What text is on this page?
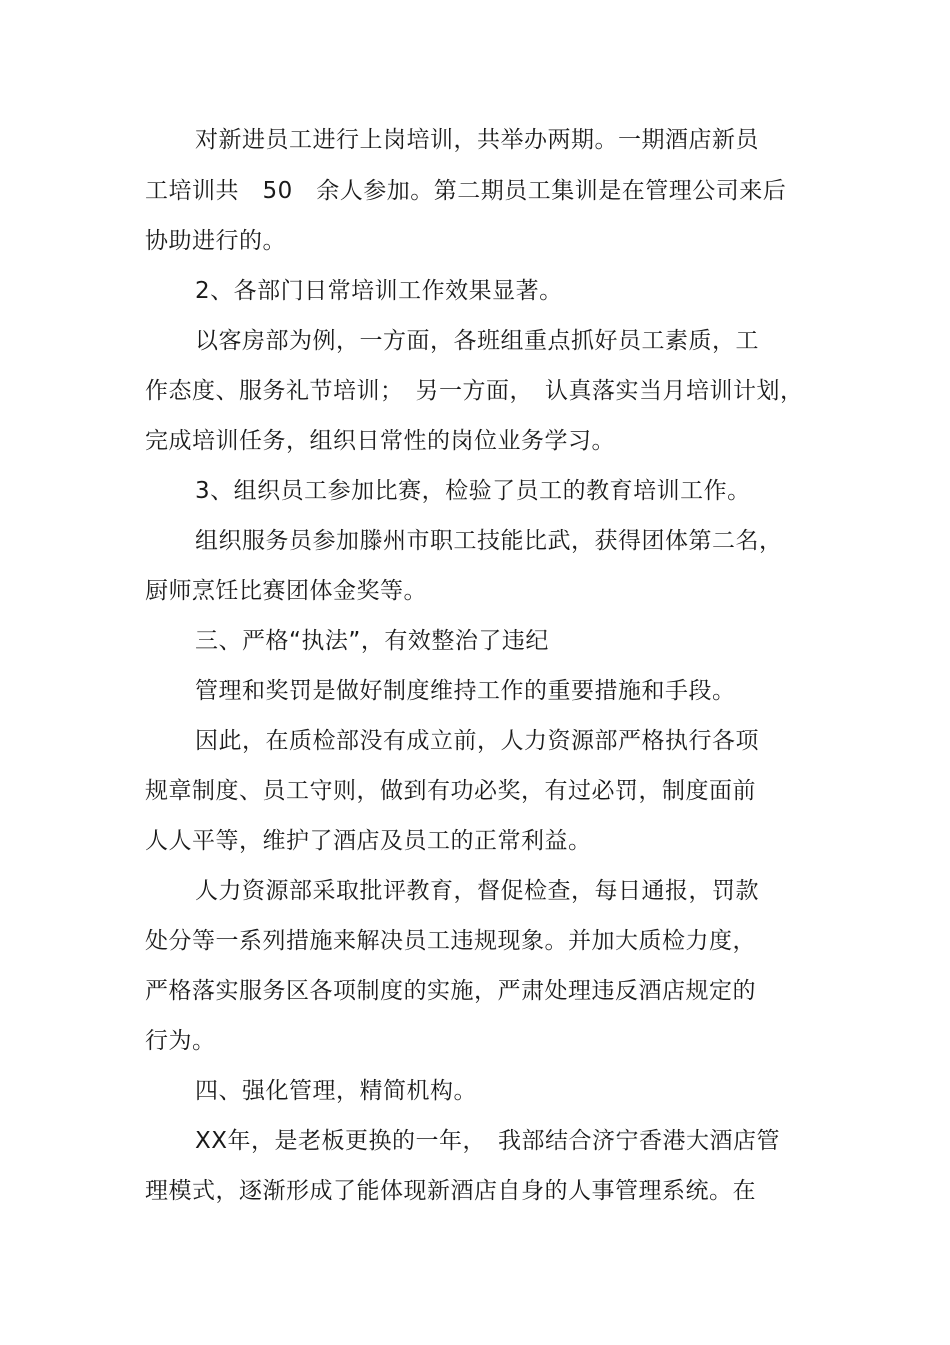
对新进员工进行上岗培训，共举办两期。一期酒店新员

工培训共　50　余人参加。第二期员工集训是在管理公司来后

协助进行的。

2、各部门日常培训工作效果显著。

以客房部为例，一方面，各班组重点抓好员工素质，工

作态度、服务礼节培训；　另一方面，　认真落实当月培训计划，

完成培训任务，组织日常性的岗位业务学习。

3、组织员工参加比赛，检验了员工的教育培训工作。

组织服务员参加滕州市职工技能比武，获得团体第二名，

厨师烹饪比赛团体金奖等。

三、严格“执法”，有效整治了违纪

管理和奖罚是做好制度维持工作的重要措施和手段。

因此，在质检部没有成立前，人力资源部严格执行各项

规章制度、员工守则，做到有功必奖，有过必罚，制度面前

人人平等，维护了酒店及员工的正常利益。

人力资源部采取批评教育，督促检查，每日通报，罚款

处分等一系列措施来解决员工违规现象。并加大质检力度，

严格落实服务区各项制度的实施，严肃处理违反酒店规定的

行为。

四、强化管理，精简机构。

XX年，是老板更换的一年，　我部结合济宁香港大酒店管

理模式，逐渐形成了能体现新酒店自身的人事管理系统。在
